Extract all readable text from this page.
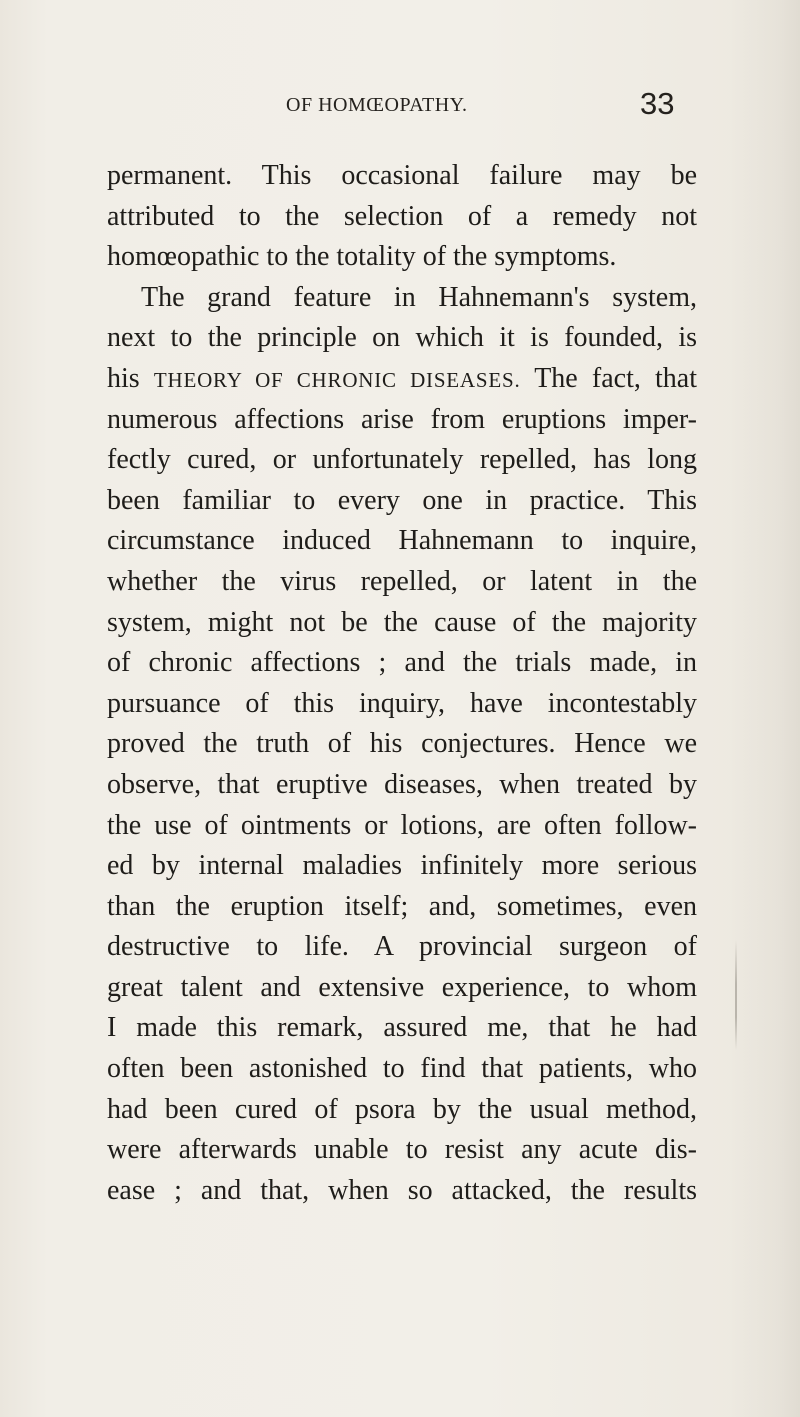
OF HOMŒOPATHY.	33
permanent. This occasional failure may be
attributed to the selection of a remedy not
homœopathic to the totality of the symptoms.
The grand feature in Hahnemann's system,
next to the principle on which it is founded, is
his THEORY OF CHRONIC DISEASES. The fact, that
numerous affections arise from eruptions imper-
fectly cured, or unfortunately repelled, has long
been familiar to every one in practice. This
circumstance induced Hahnemann to inquire,
whether the virus repelled, or latent in the
system, might not be the cause of the majority
of chronic affections ; and the trials made, in
pursuance of this inquiry, have incontestably
proved the truth of his conjectures. Hence we
observe, that eruptive diseases, when treated by
the use of ointments or lotions, are often follow-
ed by internal maladies infinitely more serious
than the eruption itself; and, sometimes, even
destructive to life. A provincial surgeon of
great talent and extensive experience, to whom
I made this remark, assured me, that he had
often been astonished to find that patients, who
had been cured of psora by the usual method,
were afterwards unable to resist any acute dis-
ease ; and that, when so attacked, the results
